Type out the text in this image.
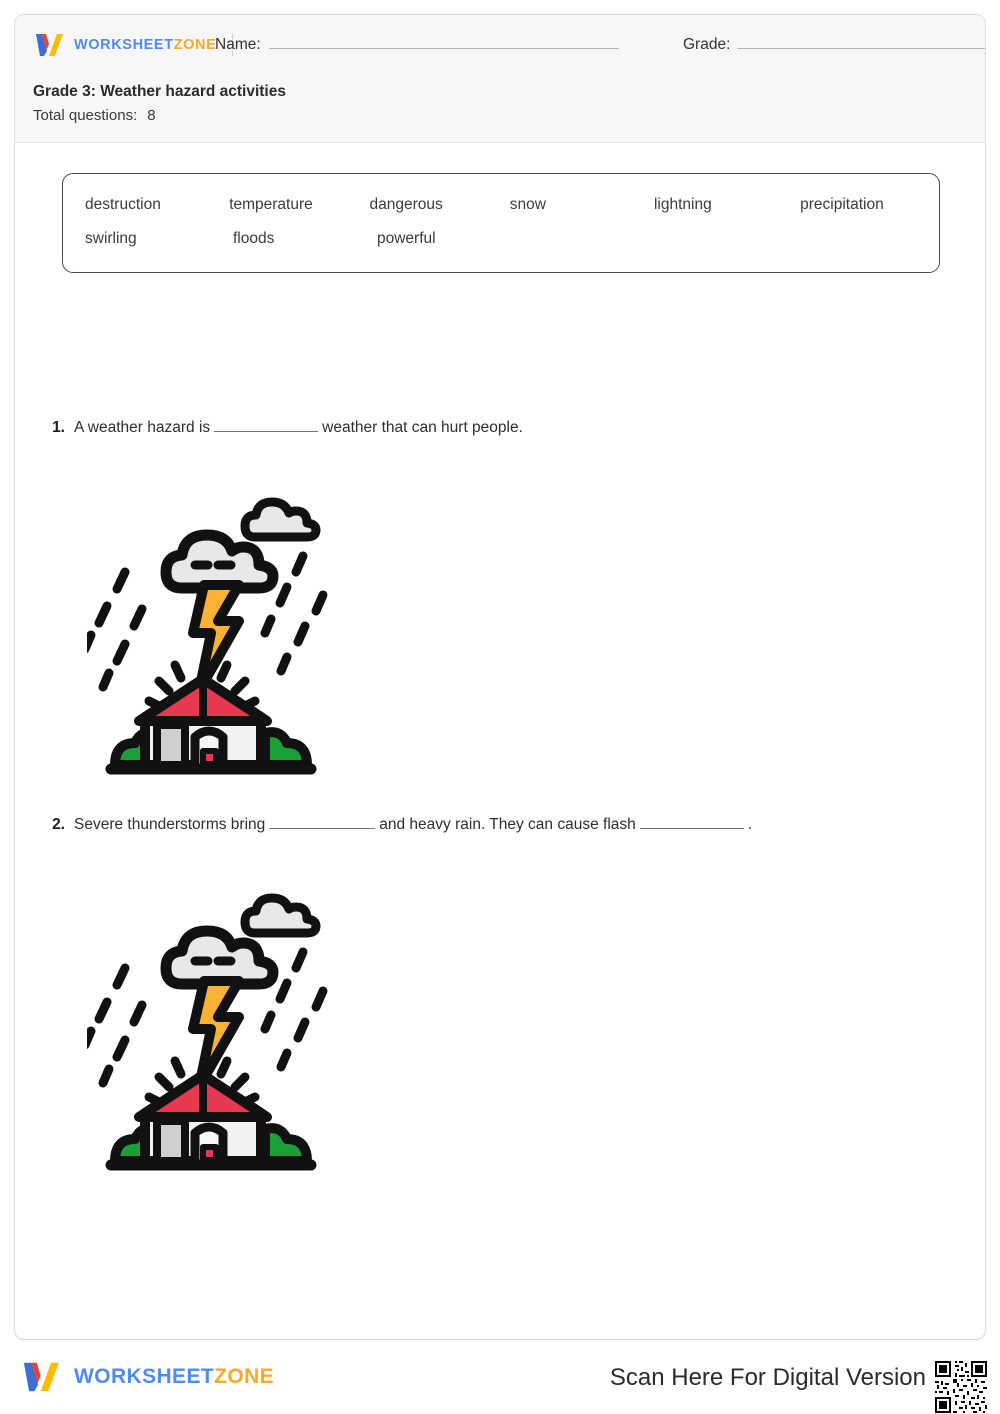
WORKSHEETZONE
Name:	Grade:
Grade 3: Weather hazard activities
Total questions: 8
destruction	temperature	dangerous	snow	lightning	precipitation
swirling	floods	powerful
1. A weather hazard is	weather that can hurt people.
2. Severe thunderstorms bring	and heavy rain. They can cause flash	.
WORKSHEETZONE	Scan Here For Digital Version
